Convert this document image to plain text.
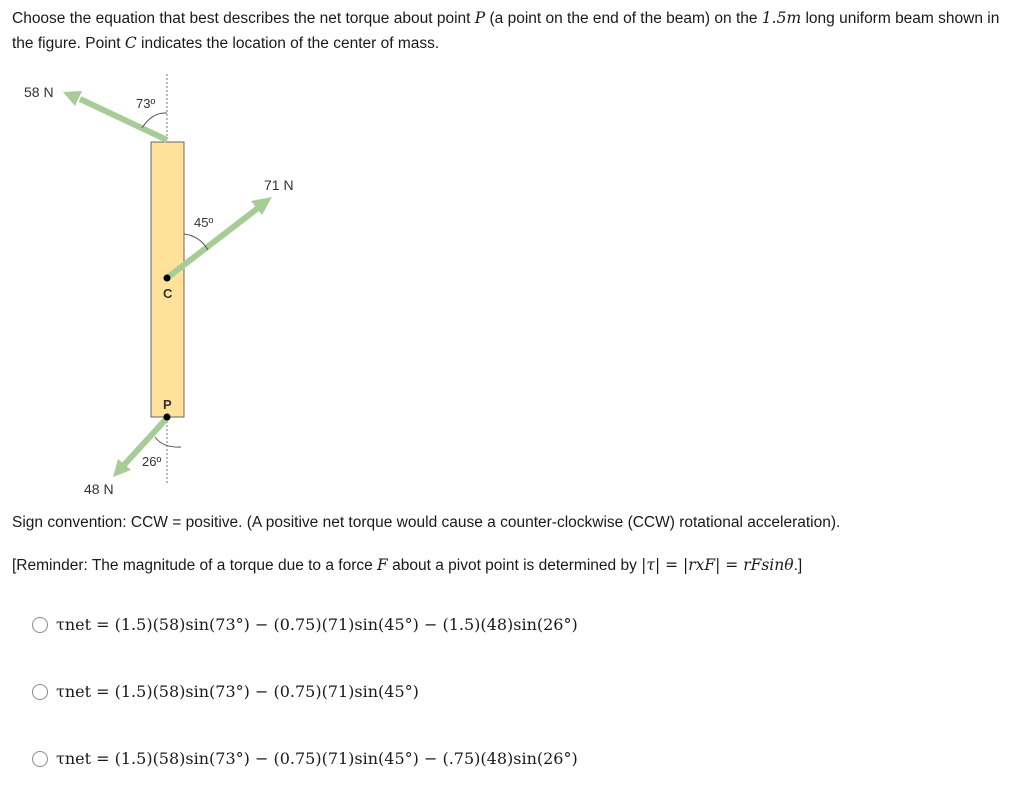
Choose the equation that best describes the net torque about point P (a point on the end of the beam) on the 1.5m long uniform beam shown in the figure. Point C indicates the location of the center of mass.
58 N
73º
71 N
45º
C
P
26º
48 N
Sign convention: CCW = positive. (A positive net torque would cause a counter-clockwise (CCW) rotational acceleration).
[Reminder: The magnitude of a torque due to a force F about a pivot point is determined by |τ| = |rxF| = rFsinθ.]
τnet = (1.5)(58)sin(73°) − (0.75)(71)sin(45°) − (1.5)(48)sin(26°)
τnet = (1.5)(58)sin(73°) − (0.75)(71)sin(45°)
τnet = (1.5)(58)sin(73°) − (0.75)(71)sin(45°) − (.75)(48)sin(26°)
